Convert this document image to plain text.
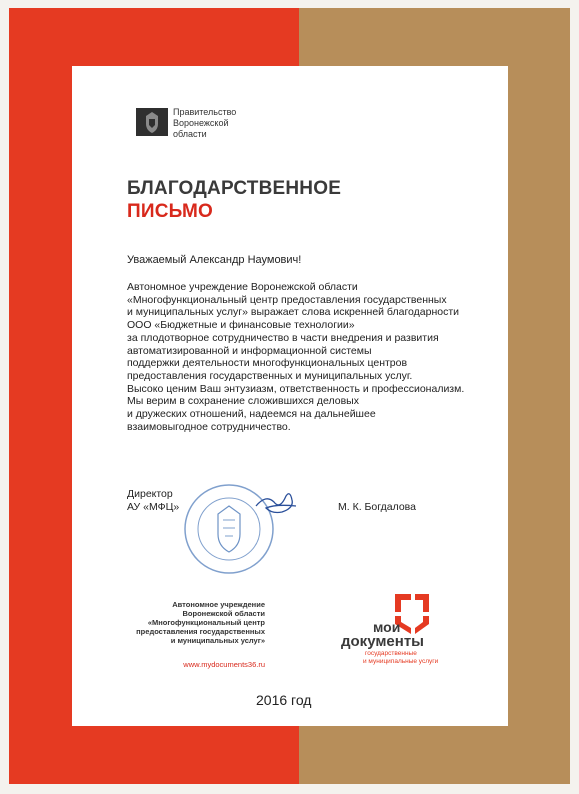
Правительство
Воронежской
области
БЛАГОДАРСТВЕННОЕ
ПИСЬМО
Уважаемый Александр Наумович!
Автономное учреждение Воронежской области
«Многофункциональный центр предоставления государственных
и муниципальных услуг» выражает слова искренней благодарности
ООО «Бюджетные и финансовые технологии»
за плодотворное сотрудничество в части внедрения и развития
автоматизированной и информационной системы
поддержки деятельности многофункциональных центров
предоставления государственных и муниципальных услуг.
Высоко ценим Ваш энтузиазм, ответственность и профессионализм.
Мы верим в сохранение сложившихся деловых
и дружеских отношений, надеемся на дальнейшее
взаимовыгодное сотрудничество.
Директор
АУ «МФЦ»	М. К. Богдалова
Автономное учреждение
Воронежской области
«Многофункциональный центр
предоставления государственных
и муниципальных услуг»
www.mydocuments36.ru
мои
документы
государственные
и муниципальные услуги
2016 год
